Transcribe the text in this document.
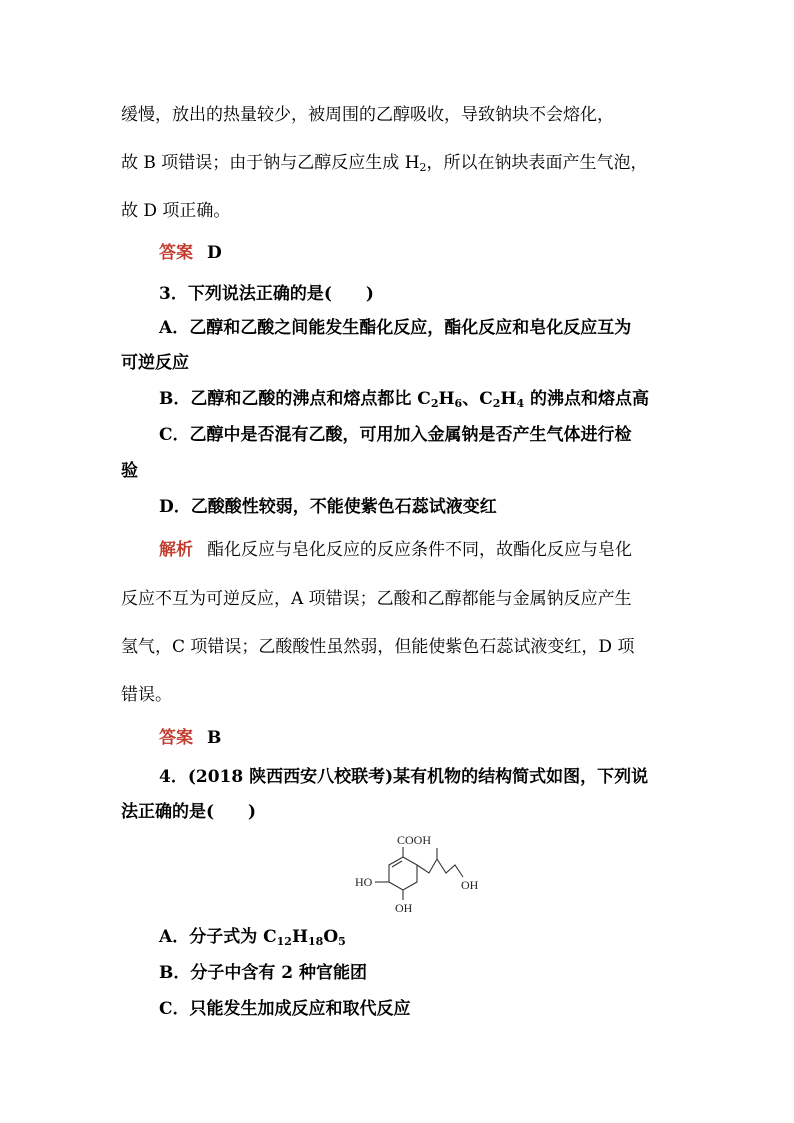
缓慢，放出的热量较少，被周围的乙醇吸收，导致钠块不会熔化，
故 B 项错误；由于钠与乙醇反应生成 $H_2$，所以在钠块表面产生气泡，
故 D 项正确。
答案 D
3．下列说法正确的是( )
A．乙醇和乙酸之间能发生酯化反应，酯化反应和皂化反应互为
可逆反应
B．乙醇和乙酸的沸点和熔点都比 $C_2H_6$、$C_2H_4$ 的沸点和熔点高
C．乙醇中是否混有乙酸，可用加入金属钠是否产生气体进行检
验
D．乙酸酸性较弱，不能使紫色石蕊试液变红
解析 酯化反应与皂化反应的反应条件不同，故酯化反应与皂化
反应不互为可逆反应，A 项错误；乙酸和乙醇都能与金属钠反应产生
氢气，C 项错误；乙酸酸性虽然弱，但能使紫色石蕊试液变红，D 项
错误。
答案 B
4．(2018 陕西西安八校联考)某有机物的结构简式如图，下列说
法正确的是( )
COOH
HO
OH
OH
A．分子式为 $C_{12}H_{18}O_5$
B．分子中含有 2 种官能团
C．只能发生加成反应和取代反应
